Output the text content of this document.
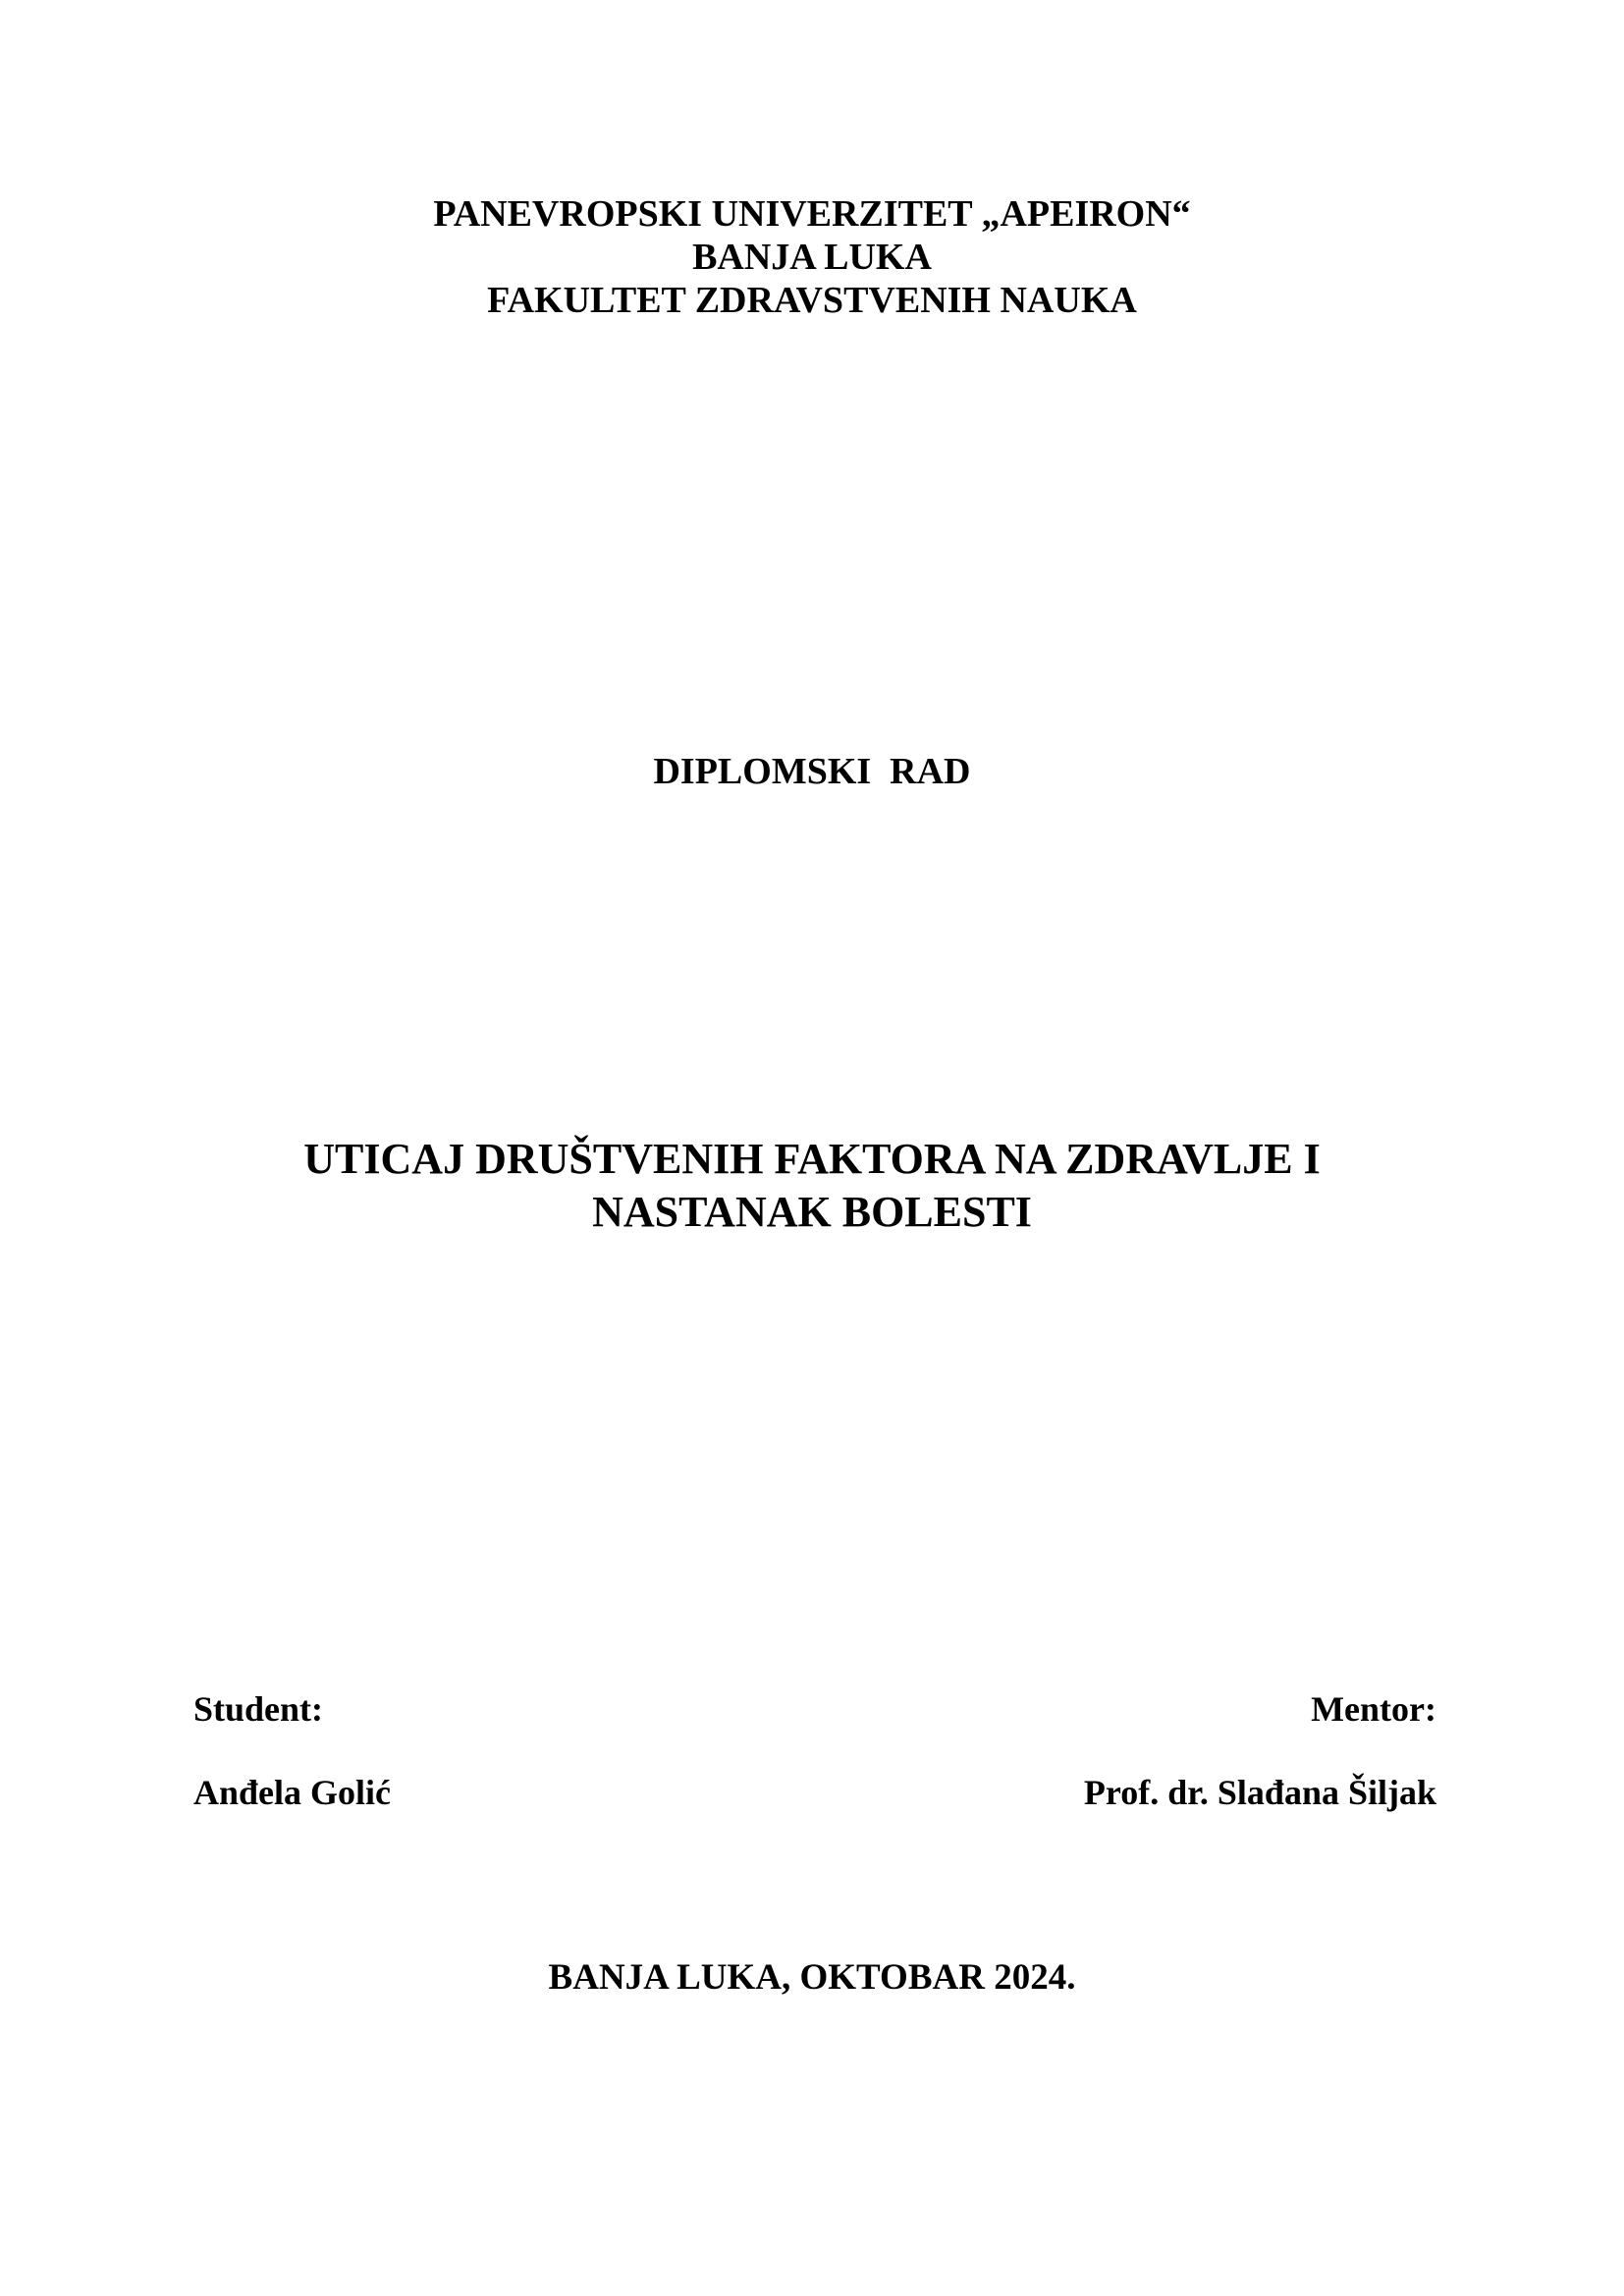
PANEVROPSKI UNIVERZITET „APEIRON“
BANJA LUKA
FAKULTET ZDRAVSTVENIH NAUKA
DIPLOMSKI  RAD
UTICAJ DRUŠTVENIH FAKTORA NA ZDRAVLJE I
NASTANAK BOLESTI
Student:	Mentor:
Anđela Golić	Prof. dr. Slađana Šiljak
BANJA LUKA, OKTOBAR 2024.
